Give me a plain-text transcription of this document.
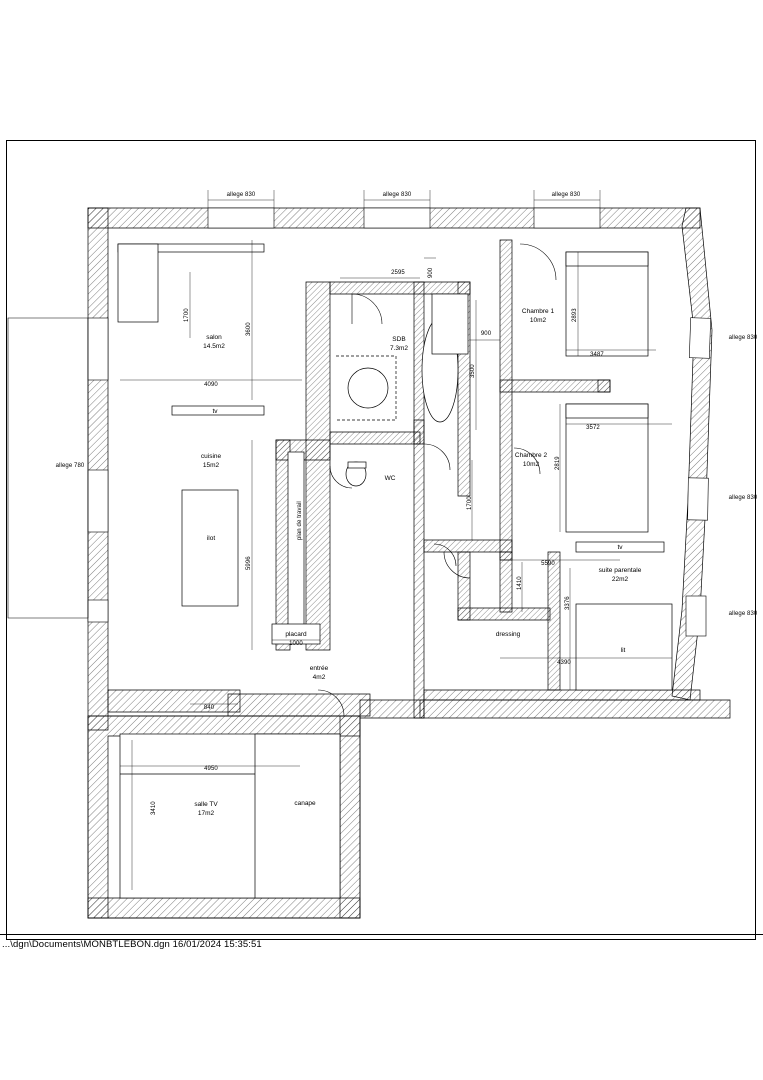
salon
14.5m2
cuisine
15m2
ilot
SDB
7.3m2
WC
Chambre 1
10m2
Chambre 2
10m2
suite parentale
22m2
lit
dressing
entrée
4m2
placard
salle TV
17m2
canape
plan de travail
tv
tv
allege 830	allege 830	allege 830
allege 830
allege 830
allege 830
allege 780
1700
3600
4090
5996
2595	900
900
3500
1700
2893
3487
3572
2819
5590
1410
3376
4390
1000
840
4950
3410
...\dgn\Documents\MONBTLEBON.dgn 16/01/2024 15:35:51
